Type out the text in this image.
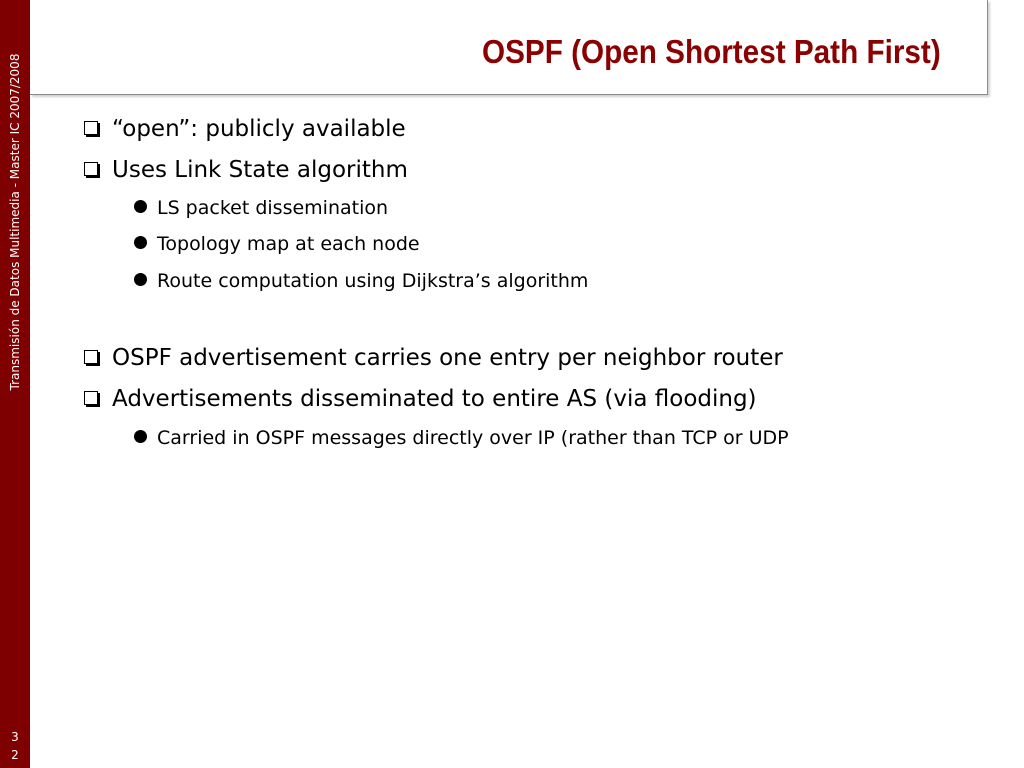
Transmisión de Datos Multimedia - Master IC 2007/2008
3
2
OSPF (Open Shortest Path First)
“open”: publicly available
Uses Link State algorithm
LS packet dissemination
Topology map at each node
Route computation using Dijkstra’s algorithm
OSPF advertisement carries one entry per neighbor router
Advertisements disseminated to entire AS (via flooding)
Carried in OSPF messages directly over IP (rather than TCP or UDP
